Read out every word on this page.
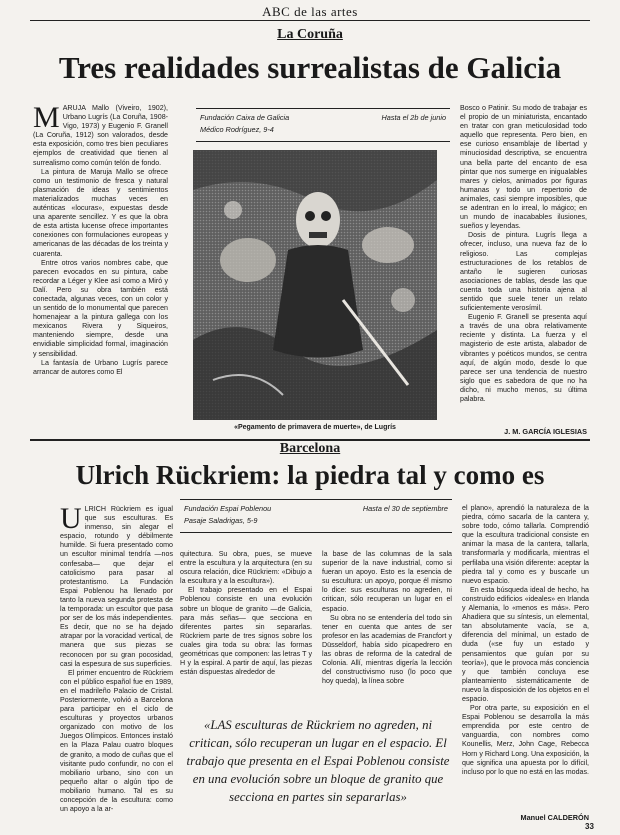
ABC de las artes
La Coruña
Tres realidades surrealistas de Galicia
M ARUJA Mallo (Viveiro, 1902), Urbano Lugrís (La Coruña, 1908-Vigo, 1973) y Eugenio F. Granell (La Coruña, 1912) son valorados, desde esta exposición, como tres bien peculiares ejemplos de creatividad que tienen al surrealismo como común telón de fondo.

La pintura de Maruja Mallo se ofrece como un testimonio de fresca y natural plasmación de ideas y sentimientos materializados muchas veces en auténticas «locuras», expuestas desde una aparente sencillez. Y es que la obra de esta artista lucense ofrece importantes conexiones con formulaciones europeas y americanas de las décadas de los treinta y cuarenta.

Entre otros varios nombres cabe, que parecen evocados en su pintura, cabe recordar a Léger y Klee así como a Miró y Dalí. Pero su obra también está conectada, algunas veces, con un color y un sentido de lo monumental que parecen homenajear a la pintura gallega con los mexicanos Rivera y Siqueiros, manteniendo siempre, desde una envidiable simplicidad formal, imaginación y sensibilidad.

La fantasía de Urbano Lugrís parece arrancar de autores como El

Fundación Caixa de Galicia	Hasta el 2b de junio
Médico Rodríguez, 9-4
«Pegamento de primavera de muerte», de Lugrís

Bosco o Patinir. Su modo de trabajar es el propio de un miniaturista, encantado en tratar con gran meticulosidad todo aquello que representa. Pero bien, en ese curioso ensamblaje de libertad y minuciosidad descriptiva, se encuentra una bella parte del encanto de esa pintar que nos sumerge en inigualables mares y cielos, animados por figuras humanas y todo un repertorio de animales, casi siempre imposibles, que se adentran en lo irreal, lo mágico; en un mundo de inacabables ilusiones, sueños y leyendas.

Dosis de pintura. Lugrís llega a ofrecer, incluso, una nueva faz de lo religioso. Las complejas estructuraciones de los retablos de antaño le sugieren curiosas asociaciones de tablas, desde las que cuenta toda una historia ajena al sentido que suele tener un relato suficientemente verosímil.

Eugenio F. Granell se presenta aquí a través de una obra relativamente reciente y distinta. La fuerza y el magisterio de este artista, alabador de vibrantes y poéticos mundos, se centra aquí, de algún modo, desde lo que parece ser una tendencia de nuestro siglo que es sabedora de que no ha dicho, ni mucho menos, su última palabra.

J. M. GARCÍA IGLESIAS
Barcelona
Ulrich Rückriem: la piedra tal y como es
U LRICH Rückriem es igual que sus esculturas. Es inmenso, sin alegar el espacio, rotundo y débilmente humilde. Si fuera presentado como un escultor minimal tendría —nos confesaba— que dejar el catolicismo para pasar al protestantismo. La Fundación Espai Poblenou ha llenado por tanto la nueva segunda protesta de la temporada: un escultor que pasa por ser de los más independientes. Es decir, que no se ha dejado atrapar por la voracidad vertical, de manera que sus piezas se reconocen por su gran pocosidad, casi la espesura de sus superficies.

El primer encuentro de Rückriem con el público español fue en 1989, en el madrileño Palacio de Cristal. Posteriormente, volvió a Barcelona para participar en el ciclo de esculturas y proyectos urbanos organizado con motivo de los Juegos Olímpicos. Entonces instaló en la Plaza Palau cuatro bloques de granito, a modo de cuñas que el visitante pudo confundir, no con el mobiliario urbano, sino con un pequeño altar o algún tipo de mobiliario humano. Tal es su concepción de la escultura: como un apoyo a la ar-

Fundación Espai Poblenou	Hasta el 30 de septiembre
Pasaje Saladrigas, 5-9

quitectura. Su obra, pues, se mueve entre la escultura y la arquitectura (en su oscura relación, dice Rückriem: «Dibujo a la escultura y a la escultura»).

El trabajo presentado en el Espai Poblenou consiste en una evolución sobre un bloque de granito —de Galicia, para más señas— que secciona en diferentes partes sin separarlas. Rückriem parte de tres signos sobre los cuales gira toda su obra: las formas geométricas que componen: las letras T y H y la espiral. A partir de aquí, las piezas están dispuestas alrededor de

la base de las columnas de la sala superior de la nave industrial, como si fueran un apoyo. Esto es la esencia de su escultura: un apoyo, porque él mismo lo dice: sus esculturas no agreden, ni critican, sólo recuperan un lugar en el espacio.

Su obra no se entendería del todo sin tener en cuenta que antes de ser profesor en las academias de Francfort y Düsseldorf, había sido picapedrero en las obras de reforma de la catedral de Colonia. Allí, mientras digería la lección del constructivismo ruso (lo poco que hoy queda), la línea sobre

«LAS esculturas de Rückriem no agreden, ni critican, sólo recuperan un lugar en el espacio. El trabajo que presenta en el Espai Poblenou consiste en una evolución sobre un bloque de granito que secciona en partes sin separarlas»

el plano», aprendió la naturaleza de la piedra, cómo sacarla de la cantera y, sobre todo, cómo tallarla. Comprendió que la escultura tradicional consiste en animar la masa de la cantera, tallarla, transformarla y modificarla, mientras el perfilaba una visión diferente: aceptar la piedra tal y como es y buscarle un nuevo espacio.

En esta búsqueda ideal de hecho, ha construido edificios «ideales» en Irlanda y Alemania, lo «menos es más». Pero Ahadiera que su síntesis, un elemental, tan absolutamente vacía, se a, diferencia del mínimal, un estado de duda («se fuy un estado y pensamientos que guían por su teoría»), que le provoca más conciencia y que también concluya ese planteamiento sistemáticamente de nuevo la disposición de los objetos en el espacio.

Por otra parte, su exposición en el Espai Poblenou se desarrolla la más emprendida por este centro de vanguardia, con nombres como Kounellis, Merz, John Cage, Rebecca Horn y Richard Long. Una exposición, la que significa una apuesta por lo difícil, incluso por lo que no está en las modas.

Manuel CALDERÓN
33
